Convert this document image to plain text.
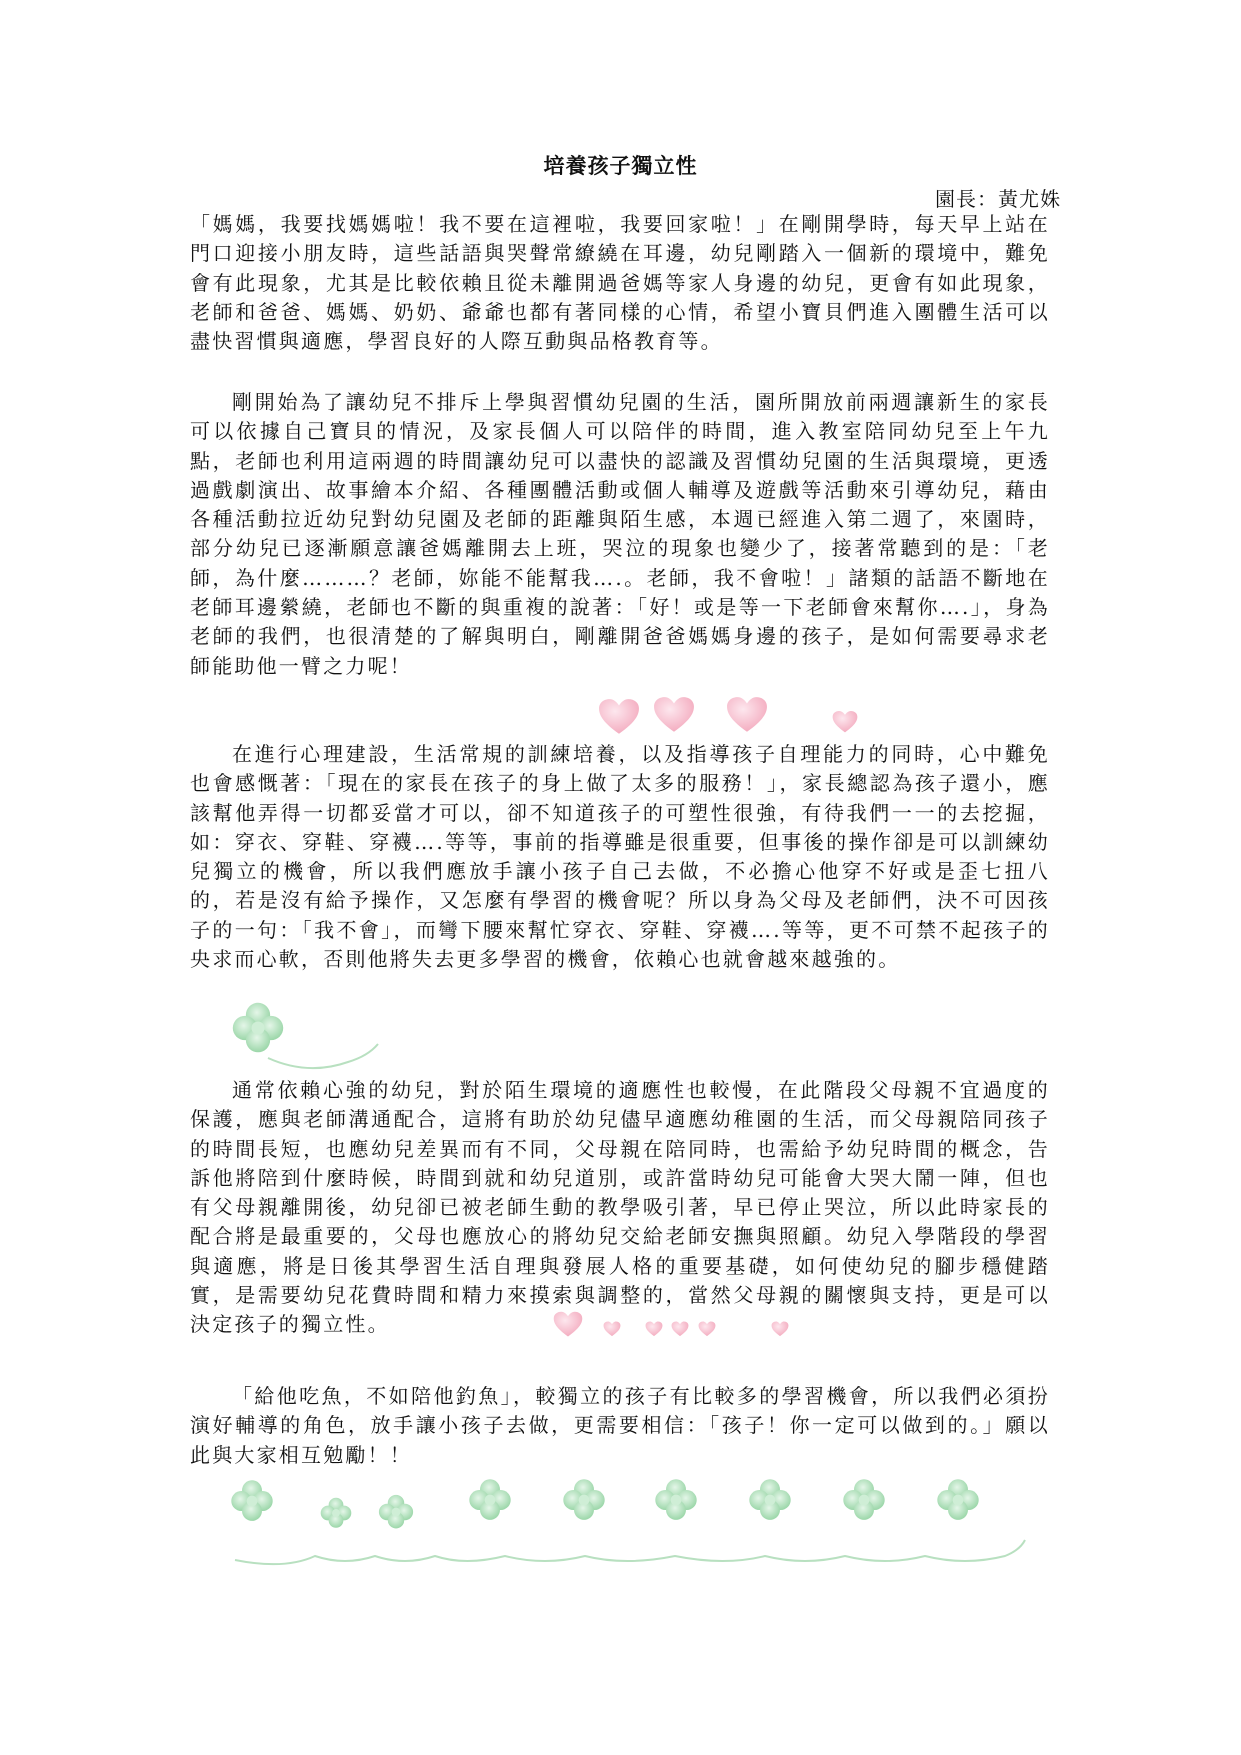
培養孩子獨立性
園長：黃尤姝

「媽媽，我要找媽媽啦！我不要在這裡啦，我要回家啦！」在剛開學時，每天早上站在門口迎接小朋友時，這些話語與哭聲常繚繞在耳邊，幼兒剛踏入一個新的環境中，難免會有此現象，尤其是比較依賴且從未離開過爸媽等家人身邊的幼兒，更會有如此現象，老師和爸爸、媽媽、奶奶、爺爺也都有著同樣的心情，希望小寶貝們進入團體生活可以盡快習慣與適應，學習良好的人際互動與品格教育等。

剛開始為了讓幼兒不排斥上學與習慣幼兒園的生活，園所開放前兩週讓新生的家長可以依據自己寶貝的情況，及家長個人可以陪伴的時間，進入教室陪同幼兒至上午九點，老師也利用這兩週的時間讓幼兒可以盡快的認識及習慣幼兒園的生活與環境，更透過戲劇演出、故事繪本介紹、各種團體活動或個人輔導及遊戲等活動來引導幼兒，藉由各種活動拉近幼兒對幼兒園及老師的距離與陌生感，本週已經進入第二週了，來園時，部分幼兒已逐漸願意讓爸媽離開去上班，哭泣的現象也變少了，接著常聽到的是：「老師，為什麼………？老師，妳能不能幫我….。老師，我不會啦！」諸類的話語不斷地在老師耳邊縈繞，老師也不斷的與重複的說著：「好！或是等一下老師會來幫你….」，身為老師的我們，也很清楚的了解與明白，剛離開爸爸媽媽身邊的孩子，是如何需要尋求老師能助他一臂之力呢！

在進行心理建設，生活常規的訓練培養，以及指導孩子自理能力的同時，心中難免也會感慨著：「現在的家長在孩子的身上做了太多的服務！」，家長總認為孩子還小，應該幫他弄得一切都妥當才可以，卻不知道孩子的可塑性很強，有待我們一一的去挖掘，如：穿衣、穿鞋、穿襪….等等，事前的指導雖是很重要，但事後的操作卻是可以訓練幼兒獨立的機會，所以我們應放手讓小孩子自己去做，不必擔心他穿不好或是歪七扭八的，若是沒有給予操作，又怎麼有學習的機會呢？所以身為父母及老師們，決不可因孩子的一句：「我不會」，而彎下腰來幫忙穿衣、穿鞋、穿襪….等等，更不可禁不起孩子的央求而心軟，否則他將失去更多學習的機會，依賴心也就會越來越強的。

通常依賴心強的幼兒，對於陌生環境的適應性也較慢，在此階段父母親不宜過度的保護，應與老師溝通配合，這將有助於幼兒儘早適應幼稚園的生活，而父母親陪同孩子的時間長短，也應幼兒差異而有不同，父母親在陪同時，也需給予幼兒時間的概念，告訴他將陪到什麼時候，時間到就和幼兒道別，或許當時幼兒可能會大哭大鬧一陣，但也有父母親離開後，幼兒卻已被老師生動的教學吸引著，早已停止哭泣，所以此時家長的配合將是最重要的，父母也應放心的將幼兒交給老師安撫與照顧。幼兒入學階段的學習與適應，將是日後其學習生活自理與發展人格的重要基礎，如何使幼兒的腳步穩健踏實，是需要幼兒花費時間和精力來摸索與調整的，當然父母親的關懷與支持，更是可以決定孩子的獨立性。

「給他吃魚，不如陪他釣魚」，較獨立的孩子有比較多的學習機會，所以我們必須扮演好輔導的角色，放手讓小孩子去做，更需要相信：「孩子！你一定可以做到的。」願以此與大家相互勉勵！！
